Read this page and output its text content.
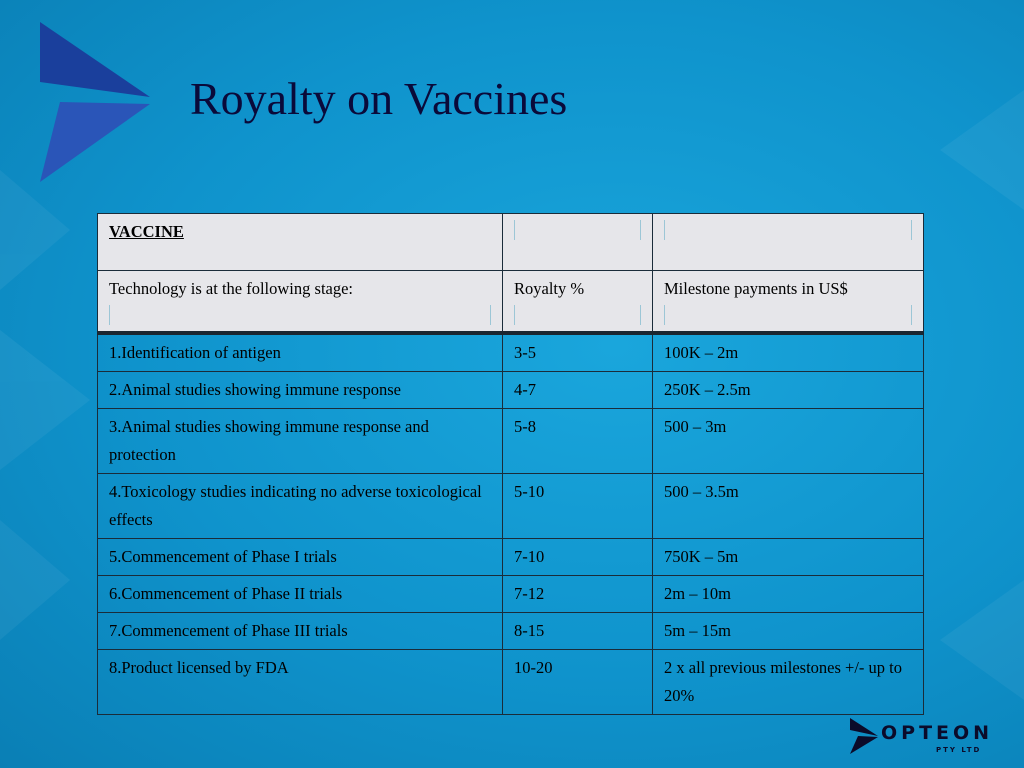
Royalty on Vaccines
VACCINE	

Technology is at the following stage:	Royalty %	Milestone payments in US$

1.Identification of antigen	3-5	100K – 2m
2.Animal studies showing immune response	4-7	250K – 2.5m
3.Animal studies showing immune response and protection	5-8	500 – 3m
4.Toxicology studies indicating no adverse toxicological effects	5-10	500 – 3.5m
5.Commencement of Phase I trials	7-10	750K – 5m
6.Commencement of Phase II trials	7-12	2m – 10m
7.Commencement of Phase III trials	8-15	5m – 15m
8.Product licensed by FDA	10-20	2 x all previous milestones +/- up to 20%
OPTEON
PTY LTD
